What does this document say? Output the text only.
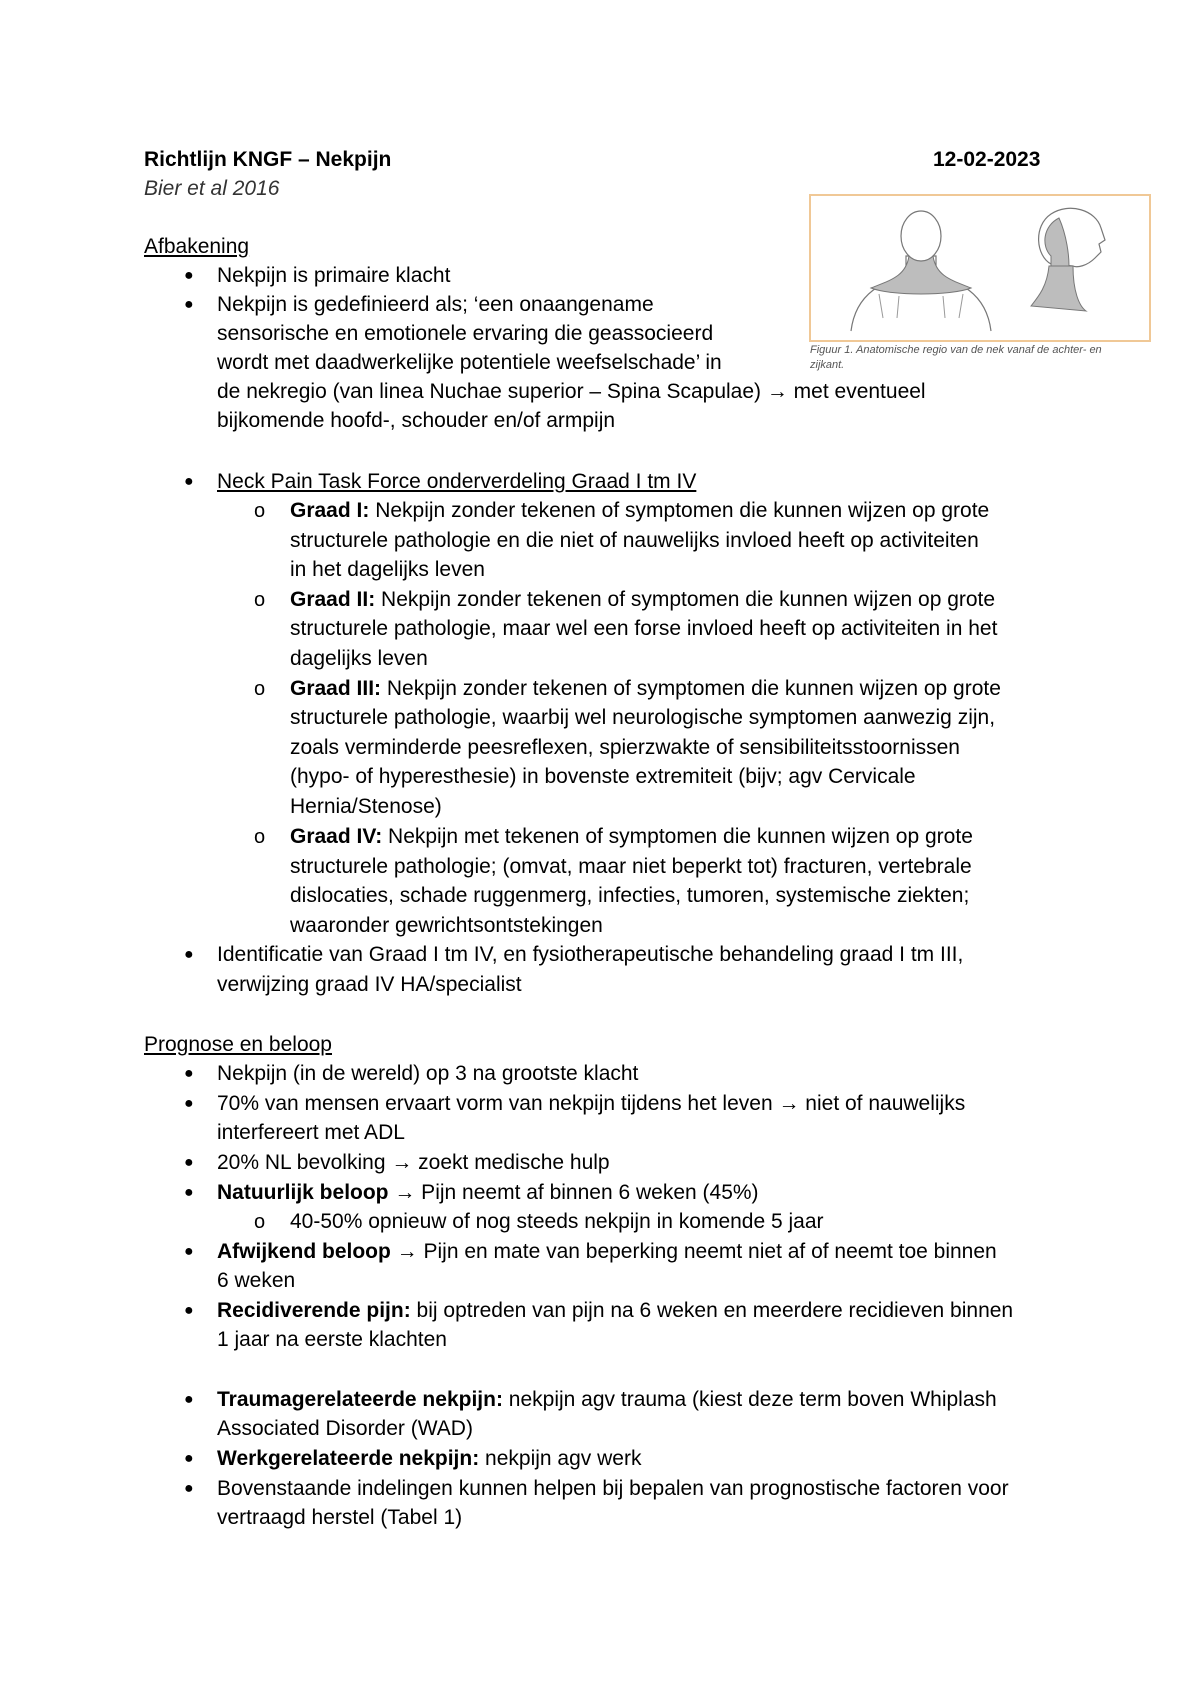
Richtlijn KNGF – Nekpijn	12-02-2023
Bier et al 2016
Figuur 1. Anatomische regio van de nek vanaf de achter- en zijkant.
Afbakening
● Nekpijn is primaire klacht
● Nekpijn is gedefinieerd als; ‘een onaangename
sensorische en emotionele ervaring die geassocieerd
wordt met daadwerkelijke potentiele weefselschade’ in
de nekregio (van linea Nuchae superior – Spina Scapulae) → met eventueel
bijkomende hoofd-, schouder en/of armpijn
● Neck Pain Task Force onderverdeling Graad I tm IV
o Graad I: Nekpijn zonder tekenen of symptomen die kunnen wijzen op grote
structurele pathologie en die niet of nauwelijks invloed heeft op activiteiten
in het dagelijks leven
o Graad II: Nekpijn zonder tekenen of symptomen die kunnen wijzen op grote
structurele pathologie, maar wel een forse invloed heeft op activiteiten in het
dagelijks leven
o Graad III: Nekpijn zonder tekenen of symptomen die kunnen wijzen op grote
structurele pathologie, waarbij wel neurologische symptomen aanwezig zijn,
zoals verminderde peesreflexen, spierzwakte of sensibiliteitsstoornissen
(hypo- of hyperesthesie) in bovenste extremiteit (bijv; agv Cervicale
Hernia/Stenose)
o Graad IV: Nekpijn met tekenen of symptomen die kunnen wijzen op grote
structurele pathologie; (omvat, maar niet beperkt tot) fracturen, vertebrale
dislocaties, schade ruggenmerg, infecties, tumoren, systemische ziekten;
waaronder gewrichtsontstekingen
● Identificatie van Graad I tm IV, en fysiotherapeutische behandeling graad I tm III,
verwijzing graad IV HA/specialist
Prognose en beloop
● Nekpijn (in de wereld) op 3 na grootste klacht
● 70% van mensen ervaart vorm van nekpijn tijdens het leven → niet of nauwelijks
interfereert met ADL
● 20% NL bevolking → zoekt medische hulp
● Natuurlijk beloop → Pijn neemt af binnen 6 weken (45%)
o 40-50% opnieuw of nog steeds nekpijn in komende 5 jaar
● Afwijkend beloop → Pijn en mate van beperking neemt niet af of neemt toe binnen
6 weken
● Recidiverende pijn: bij optreden van pijn na 6 weken en meerdere recidieven binnen
1 jaar na eerste klachten
● Traumagerelateerde nekpijn: nekpijn agv trauma (kiest deze term boven Whiplash
Associated Disorder (WAD)
● Werkgerelateerde nekpijn: nekpijn agv werk
● Bovenstaande indelingen kunnen helpen bij bepalen van prognostische factoren voor
vertraagd herstel (Tabel 1)
